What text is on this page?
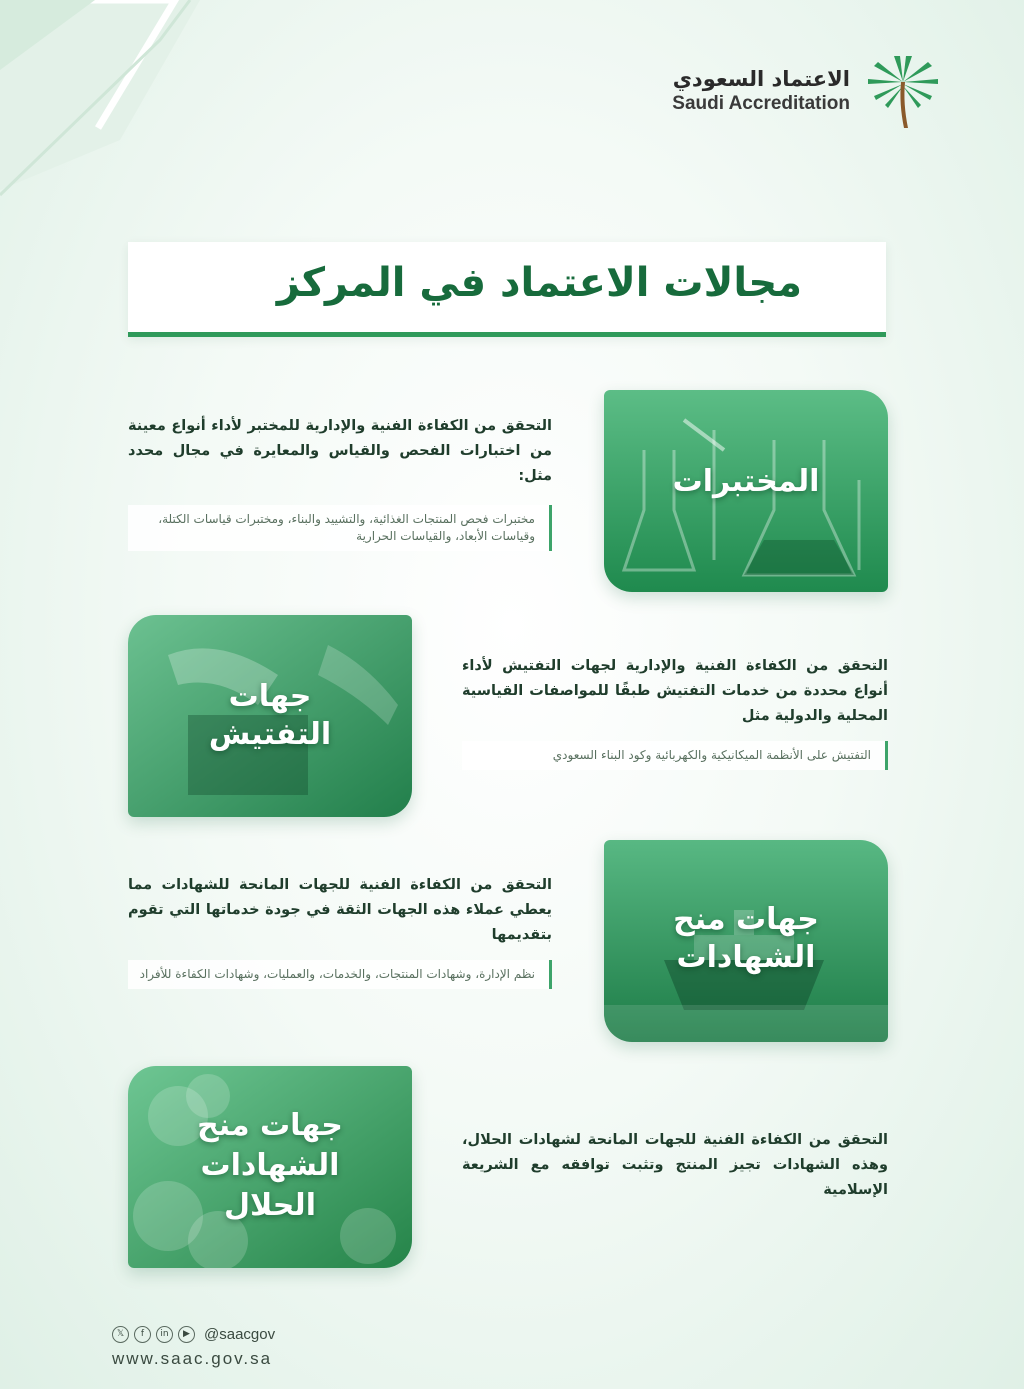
الاعتماد السعودي
Saudi Accreditation
مجالات الاعتماد في المركز
المختبرات
التحقق من الكفاءة الفنية والإدارية للمختبر لأداء أنواع معينة من اختبارات الفحص والقياس والمعايرة في مجال محدد مثل:
مختبرات فحص المنتجات الغذائية، والتشييد والبناء، ومختبرات قياسات الكتلة، وقياسات الأبعاد، والقياسات الحرارية
جهات
التفتيش
التحقق من الكفاءة الفنية والإدارية لجهات التفتيش لأداء أنواع محددة من خدمات التفتيش طبقًا للمواصفات القياسية المحلية والدولية مثل
التفتيش على الأنظمة الميكانيكية والكهربائية وكود البناء السعودي
جهات منح
الشهادات
التحقق من الكفاءة الفنية للجهات المانحة للشهادات مما يعطي عملاء هذه الجهات الثقة في جودة خدماتها التي تقوم بتقديمها
نظم الإدارة، وشهادات المنتجات، والخدمات، والعمليات، وشهادات الكفاءة للأفراد
جهات منح
الشهادات
الحلال
التحقق من الكفاءة الفنية للجهات المانحة لشهادات الحلال، وهذه الشهادات تجيز المنتج وتثبت توافقه مع الشريعة الإسلامية
𝕏	f	in	▶ @saacgov
www.saac.gov.sa
